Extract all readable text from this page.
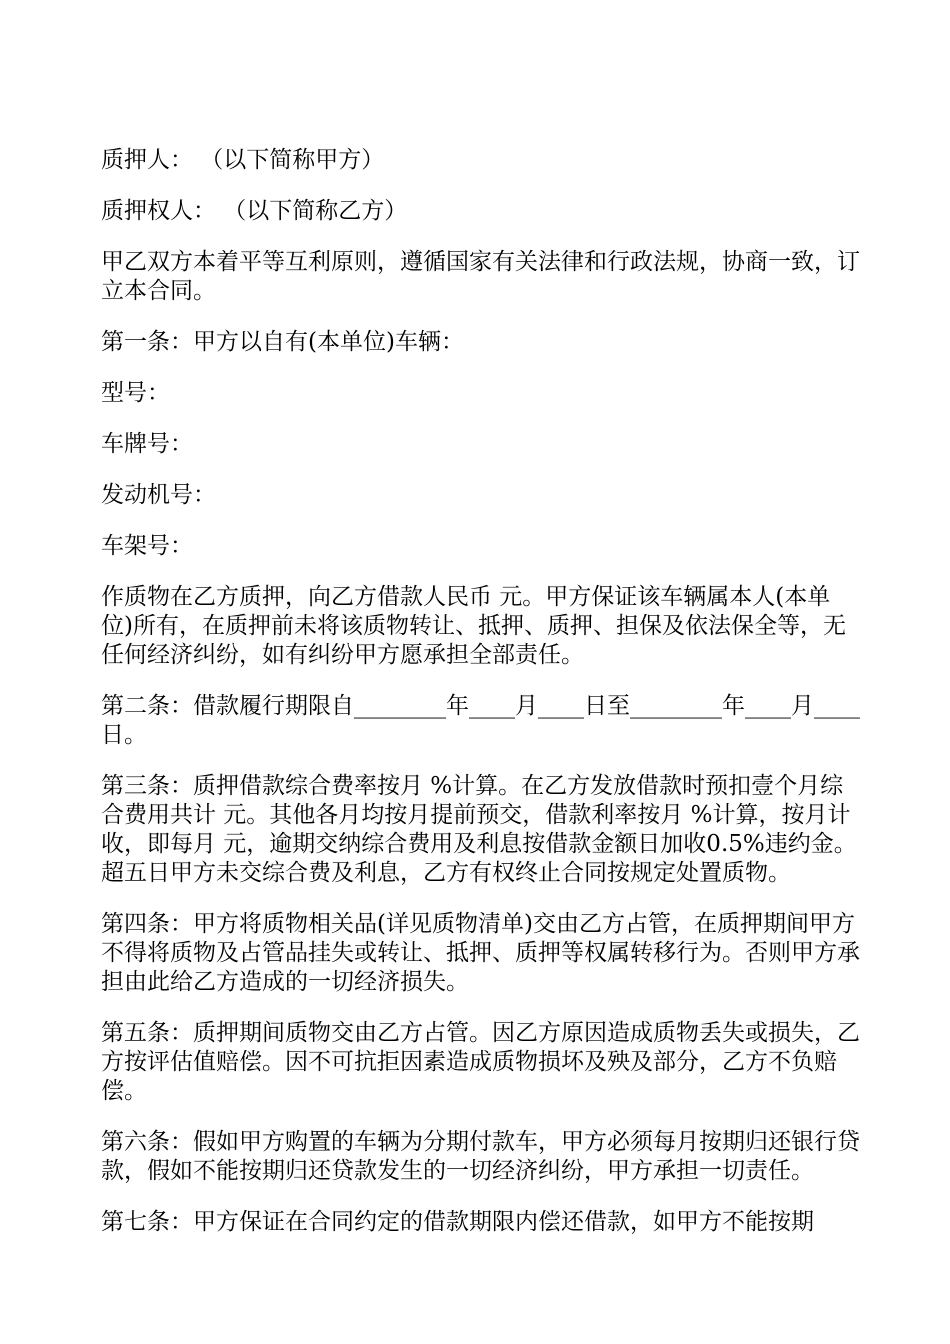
质押人： （以下简称甲方）

质押权人： （以下简称乙方）

甲乙双方本着平等互利原则，遵循国家有关法律和行政法规，协商一致，订立本合同。

第一条：甲方以自有(本单位)车辆：

型号：

车牌号：

发动机号：

车架号：

作质物在乙方质押，向乙方借款人民币 元。甲方保证该车辆属本人(本单位)所有，在质押前未将该质物转让、抵押、质押、担保及依法保全等，无任何经济纠纷，如有纠纷甲方愿承担全部责任。

第二条：借款履行期限自________年____月____日至________年____月____日。

第三条：质押借款综合费率按月 %计算。在乙方发放借款时预扣壹个月综合费用共计 元。其他各月均按月提前预交，借款利率按月 %计算，按月计收，即每月 元，逾期交纳综合费用及利息按借款金额日加收0.5%违约金。超五日甲方未交综合费及利息，乙方有权终止合同按规定处置质物。

第四条：甲方将质物相关品(详见质物清单)交由乙方占管，在质押期间甲方不得将质物及占管品挂失或转让、抵押、质押等权属转移行为。否则甲方承担由此给乙方造成的一切经济损失。

第五条：质押期间质物交由乙方占管。因乙方原因造成质物丢失或损失，乙方按评估值赔偿。因不可抗拒因素造成质物损坏及殃及部分，乙方不负赔偿。

第六条：假如甲方购置的车辆为分期付款车，甲方必须每月按期归还银行贷款，假如不能按期归还贷款发生的一切经济纠纷，甲方承担一切责任。

第七条：甲方保证在合同约定的借款期限内偿还借款，如甲方不能按期
